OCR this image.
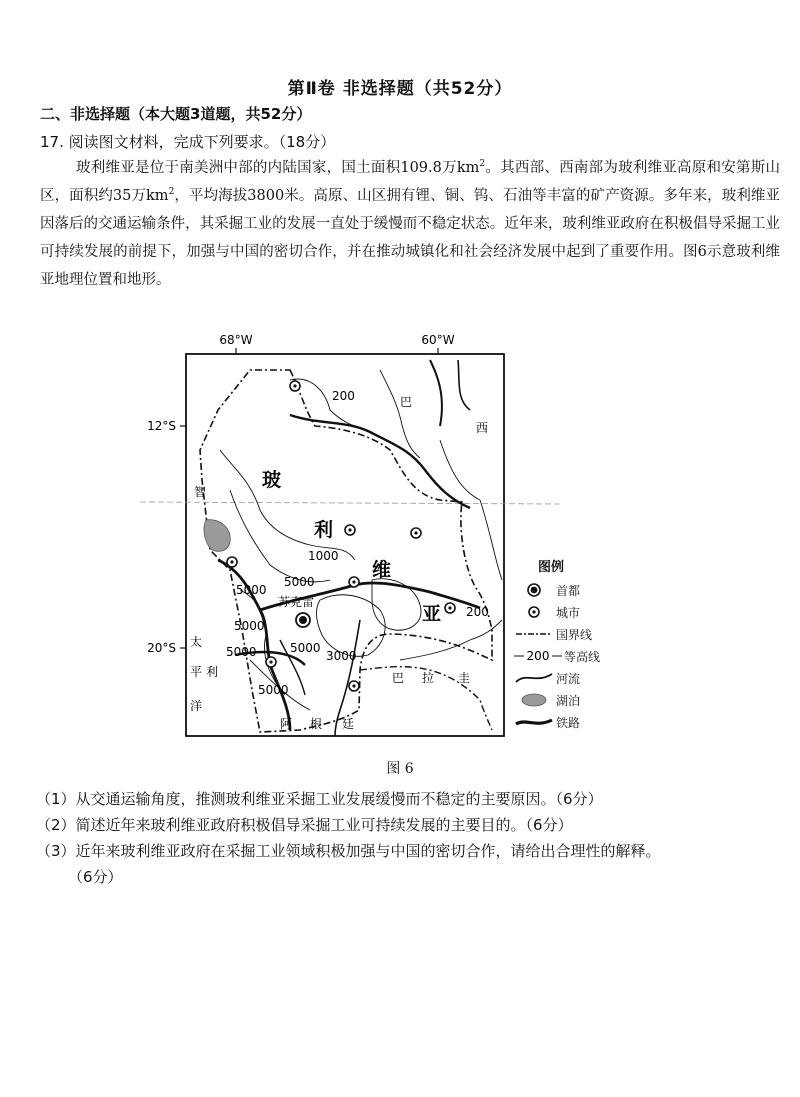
第Ⅱ卷 非选择题（共52分）
二、非选择题（本大题3道题，共52分）
17. 阅读图文材料，完成下列要求。（18分）
玻利维亚是位于南美洲中部的内陆国家，国土面积109.8万$km^2$。其西部、西南部为玻利维亚高原和安第斯山区，面积约35万$km^2$，平均海拔3800米。高原、山区拥有锂、铜、钨、石油等丰富的矿产资源。多年来，玻利维亚因落后的交通运输条件，其采掘工业的发展一直处于缓慢而不稳定状态。近年来，玻利维亚政府在积极倡导采掘工业可持续发展的前提下，加强与中国的密切合作，并在推动城镇化和社会经济发展中起到了重要作用。图6示意玻利维亚地理位置和地形。
68°W	60°W
12°S
20°S
玻
利
维
亚
巴
西
智
利
太
平
洋
巴 拉 圭
阿 根 廷
苏克雷
200
1000
5000
5000
5000
5000	5000
3000
5000
200
图例
首都
城市
国界线
200 等高线
河流
湖泊
铁路
图 6
（1）从交通运输角度，推测玻利维亚采掘工业发展缓慢而不稳定的主要原因。（6分）
（2）简述近年来玻利维亚政府积极倡导采掘工业可持续发展的主要目的。（6分）
（3）近年来玻利维亚政府在采掘工业领域积极加强与中国的密切合作，请给出合理性的解释。
（6分）
